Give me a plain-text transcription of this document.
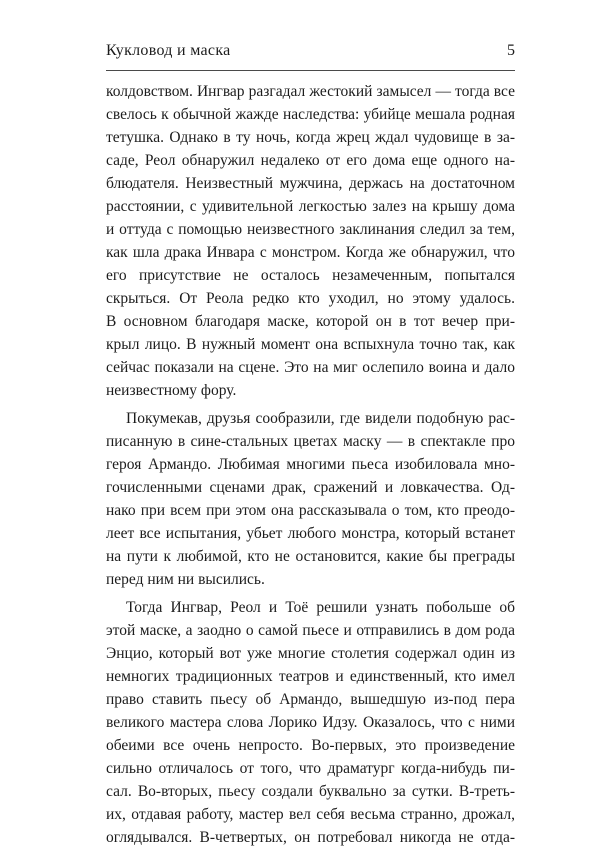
Кукловод и маска	5
колдовством. Ингвар разгадал жестокий замысел — тогда все
свелось к обычной жажде наследства: убийце мешала родная
тетушка. Однако в ту ночь, когда жрец ждал чудовище в за-
саде, Реол обнаружил недалеко от его дома еще одного на-
блюдателя. Неизвестный мужчина, держась на достаточном
расстоянии, с удивительной легкостью залез на крышу дома
и оттуда с помощью неизвестного заклинания следил за тем,
как шла драка Инвара с монстром. Когда же обнаружил, что
его присутствие не осталось незамеченным, попытался
скрыться. От Реола редко кто уходил, но этому удалось.
В основном благодаря маске, которой он в тот вечер при-
крыл лицо. В нужный момент она вспыхнула точно так, как
сейчас показали на сцене. Это на миг ослепило воина и дало
неизвестному фору.
Покумекав, друзья сообразили, где видели подобную рас-
писанную в сине-стальных цветах маску — в спектакле про
героя Армандо. Любимая многими пьеса изобиловала мно-
гочисленными сценами драк, сражений и ловкачества. Од-
нако при всем при этом она рассказывала о том, кто преодо-
леет все испытания, убьет любого монстра, который встанет
на пути к любимой, кто не остановится, какие бы преграды
перед ним ни высились.
Тогда Ингвар, Реол и Тоё решили узнать побольше об
этой маске, а заодно о самой пьесе и отправились в дом рода
Энцио, который вот уже многие столетия содержал один из
немногих традиционных театров и единственный, кто имел
право ставить пьесу об Армандо, вышедшую из-под пера
великого мастера слова Лорико Идзу. Оказалось, что с ними
обеими все очень непросто. Во-первых, это произведение
сильно отличалось от того, что драматург когда-нибудь пи-
сал. Во-вторых, пьесу создали буквально за сутки. В-треть-
их, отдавая работу, мастер вел себя весьма странно, дрожал,
оглядывался. В-четвертых, он потребовал никогда не отда-
